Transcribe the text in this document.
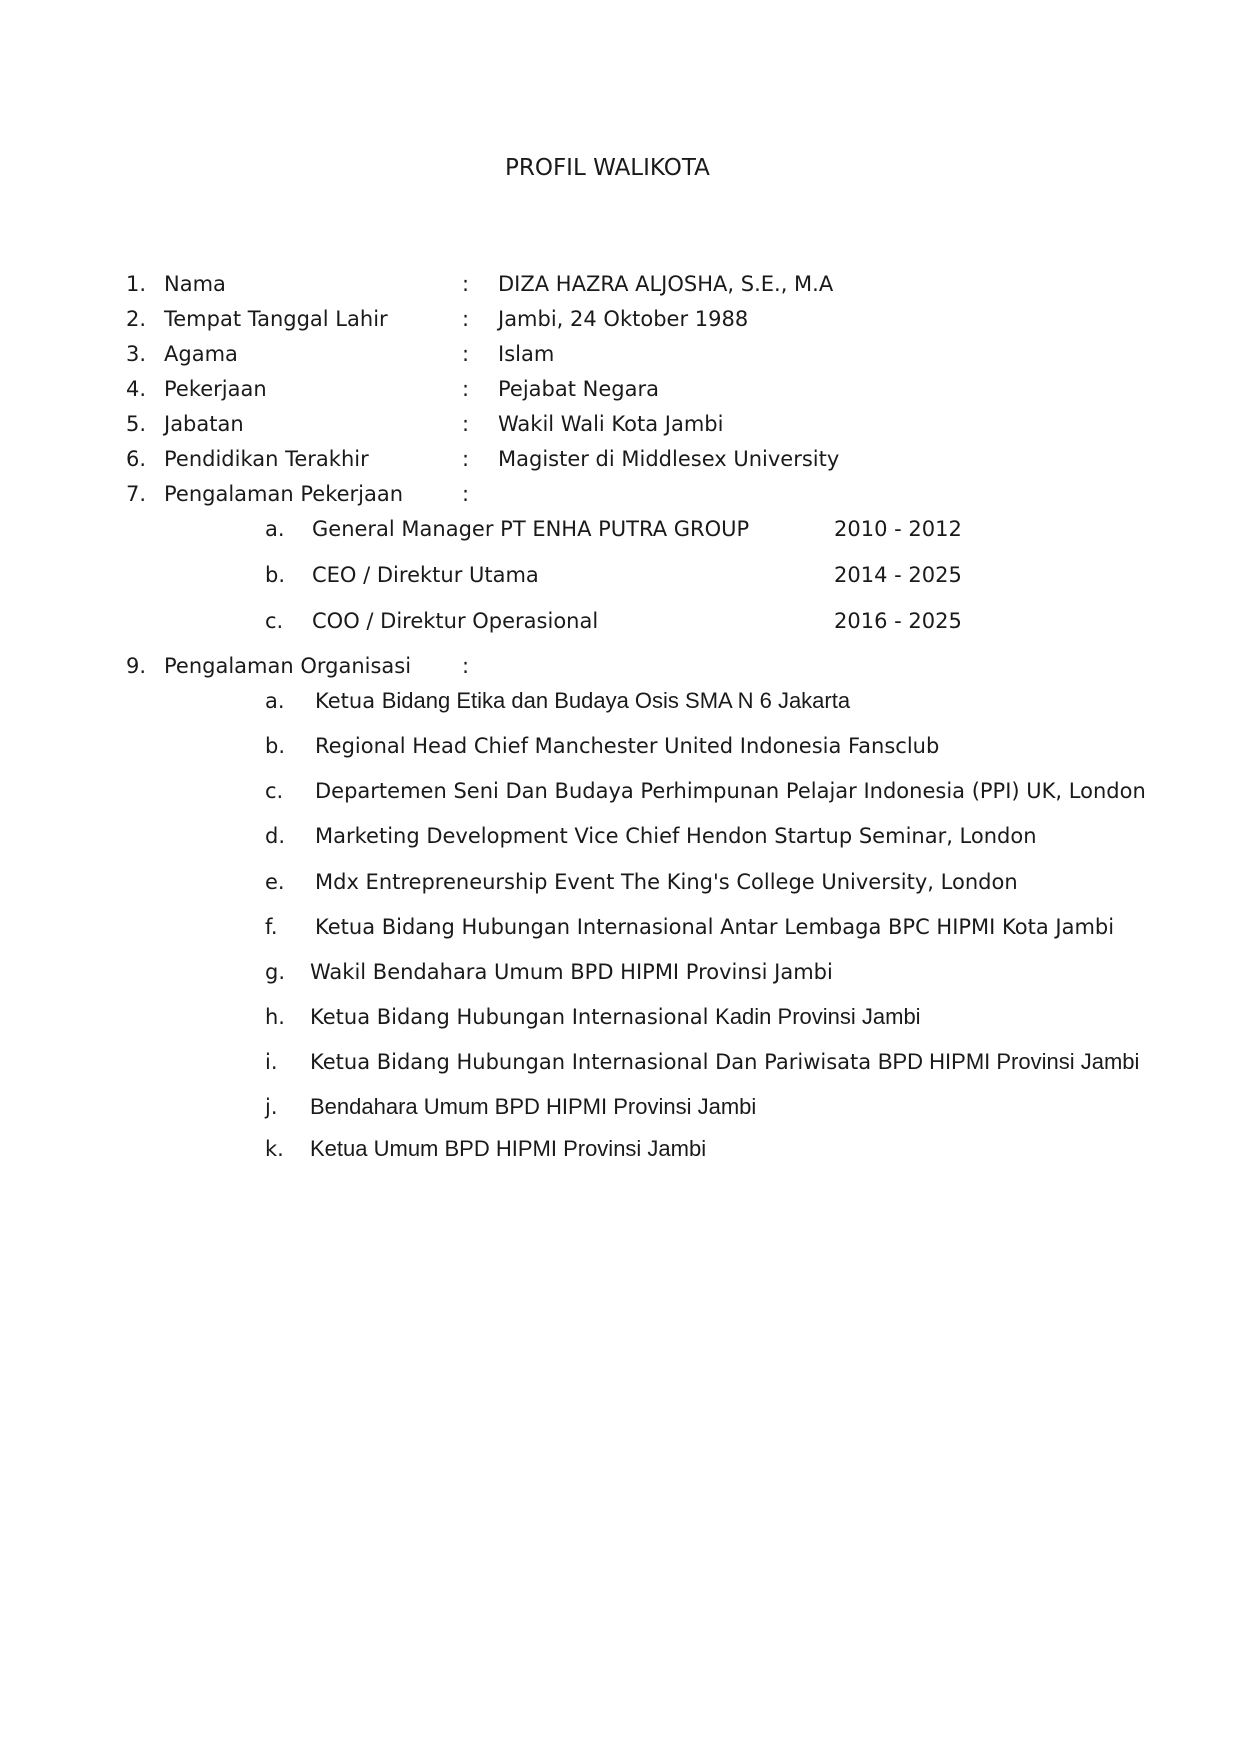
PROFIL WALIKOTA
1. Nama	: DIZA HAZRA ALJOSHA, S.E., M.A
2. Tempat Tanggal Lahir	: Jambi, 24 Oktober 1988
3. Agama	: Islam
4. Pekerjaan	: Pejabat Negara
5. Jabatan	: Wakil Wali Kota Jambi
6. Pendidikan Terakhir	: Magister di Middlesex University
7. Pengalaman Pekerjaan	:
a. General Manager PT ENHA PUTRA GROUP	2010 - 2012
b. CEO / Direktur Utama	2014 - 2025
c. COO / Direktur Operasional	2016 - 2025
9. Pengalaman Organisasi :
a. Ketua Bidang Etika dan Budaya Osis SMA N 6 Jakarta
b. Regional Head Chief Manchester United Indonesia Fansclub
c. Departemen Seni Dan Budaya Perhimpunan Pelajar Indonesia (PPI) UK, London
d. Marketing Development Vice Chief Hendon Startup Seminar, London
e. Mdx Entrepreneurship Event The King's College University, London
f. Ketua Bidang Hubungan Internasional Antar Lembaga BPC HIPMI Kota Jambi
g. Wakil Bendahara Umum BPD HIPMI Provinsi Jambi
h. Ketua Bidang Hubungan Internasional Kadin Provinsi Jambi
i. Ketua Bidang Hubungan Internasional Dan Pariwisata BPD HIPMI Provinsi Jambi
j. Bendahara Umum BPD HIPMI Provinsi Jambi
k. Ketua Umum BPD HIPMI Provinsi Jambi
